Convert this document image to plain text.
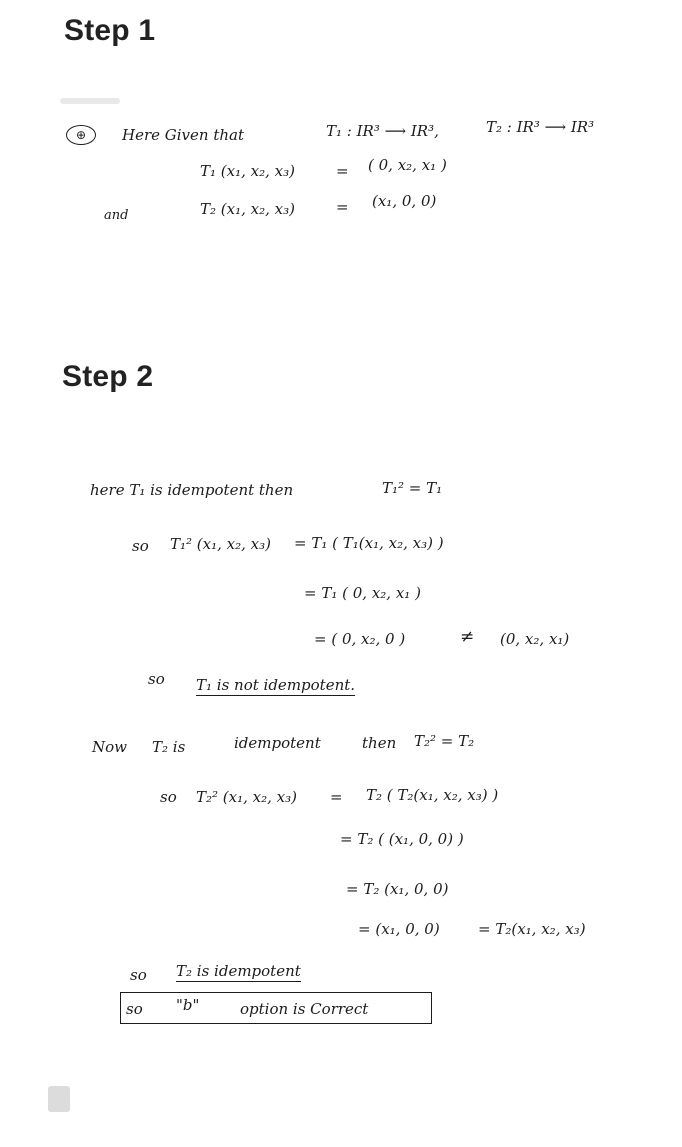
Step 1
⊕	Here Given that	T₁ : IR³ ⟶ IR³,	T₂ : IR³ ⟶ IR³
T₁ (x₁, x₂, x₃)	= ( 0, x₂, x₁ )
and	T₂ (x₁, x₂, x₃)	= (x₁, 0, 0)
Step 2
here T₁ is idempotent then	T₁² = T₁
so T₁² (x₁, x₂, x₃) = T₁ ( T₁(x₁, x₂, x₃) )
= T₁ ( 0, x₂, x₁ )
= ( 0, x₂, 0 )	≠ (0, x₂, x₁)
so T₁ is not idempotent.
Now T₂ is	idempotent	then T₂² = T₂
so T₂² (x₁, x₂, x₃) = T₂ ( T₂(x₁, x₂, x₃) )
= T₂ ( (x₁, 0, 0) )
= T₂ (x₁, 0, 0)
= (x₁, 0, 0)	= T₂(x₁, x₂, x₃)
so T₂ is idempotent
so "b"	option is Correct
